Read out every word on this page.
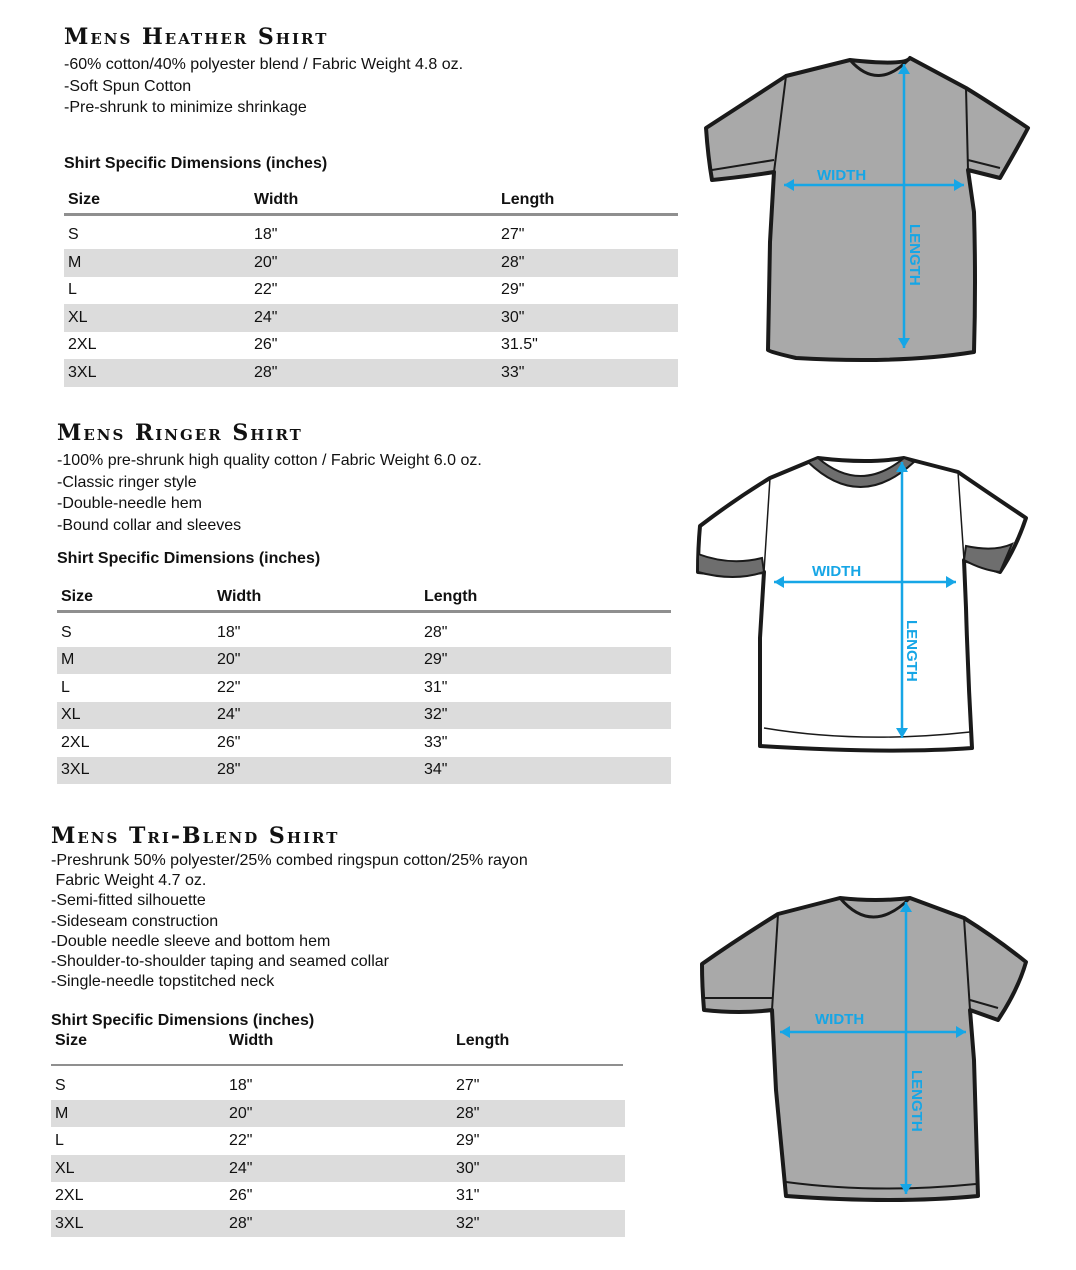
Mens Heather Shirt
-60% cotton/40% polyester blend / Fabric Weight 4.8 oz.
-Soft Spun Cotton
-Pre-shrunk to minimize shrinkage
Shirt Specific Dimensions (inches)
Size	Width	Length

S	18"	27"
M	20"	28"
L	22"	29"
XL	24"	30"
2XL	26"	31.5"
3XL	28"	33"
Mens Ringer Shirt
-100% pre-shrunk high quality cotton / Fabric Weight 6.0 oz.
-Classic ringer style
-Double-needle hem
-Bound collar and sleeves
Shirt Specific Dimensions (inches)
Size	Width	Length

S	18"	28"
M	20"	29"
L	22"	31"
XL	24"	32"
2XL	26"	33"
3XL	28"	34"
Mens Tri-Blend Shirt
-Preshrunk 50% polyester/25% combed ringspun cotton/25% rayon
Fabric Weight 4.7 oz.
-Semi-fitted silhouette
-Sideseam construction
-Double needle sleeve and bottom hem
-Shoulder-to-shoulder taping and seamed collar
-Single-needle topstitched neck
Shirt Specific Dimensions (inches)
Size	Width	Length

S	18"	27"
M	20"	28"
L	22"	29"
XL	24"	30"
2XL	26"	31"
3XL	28"	32"
WIDTH
LENGTH
WIDTH
LENGTH
WIDTH
LENGTH
